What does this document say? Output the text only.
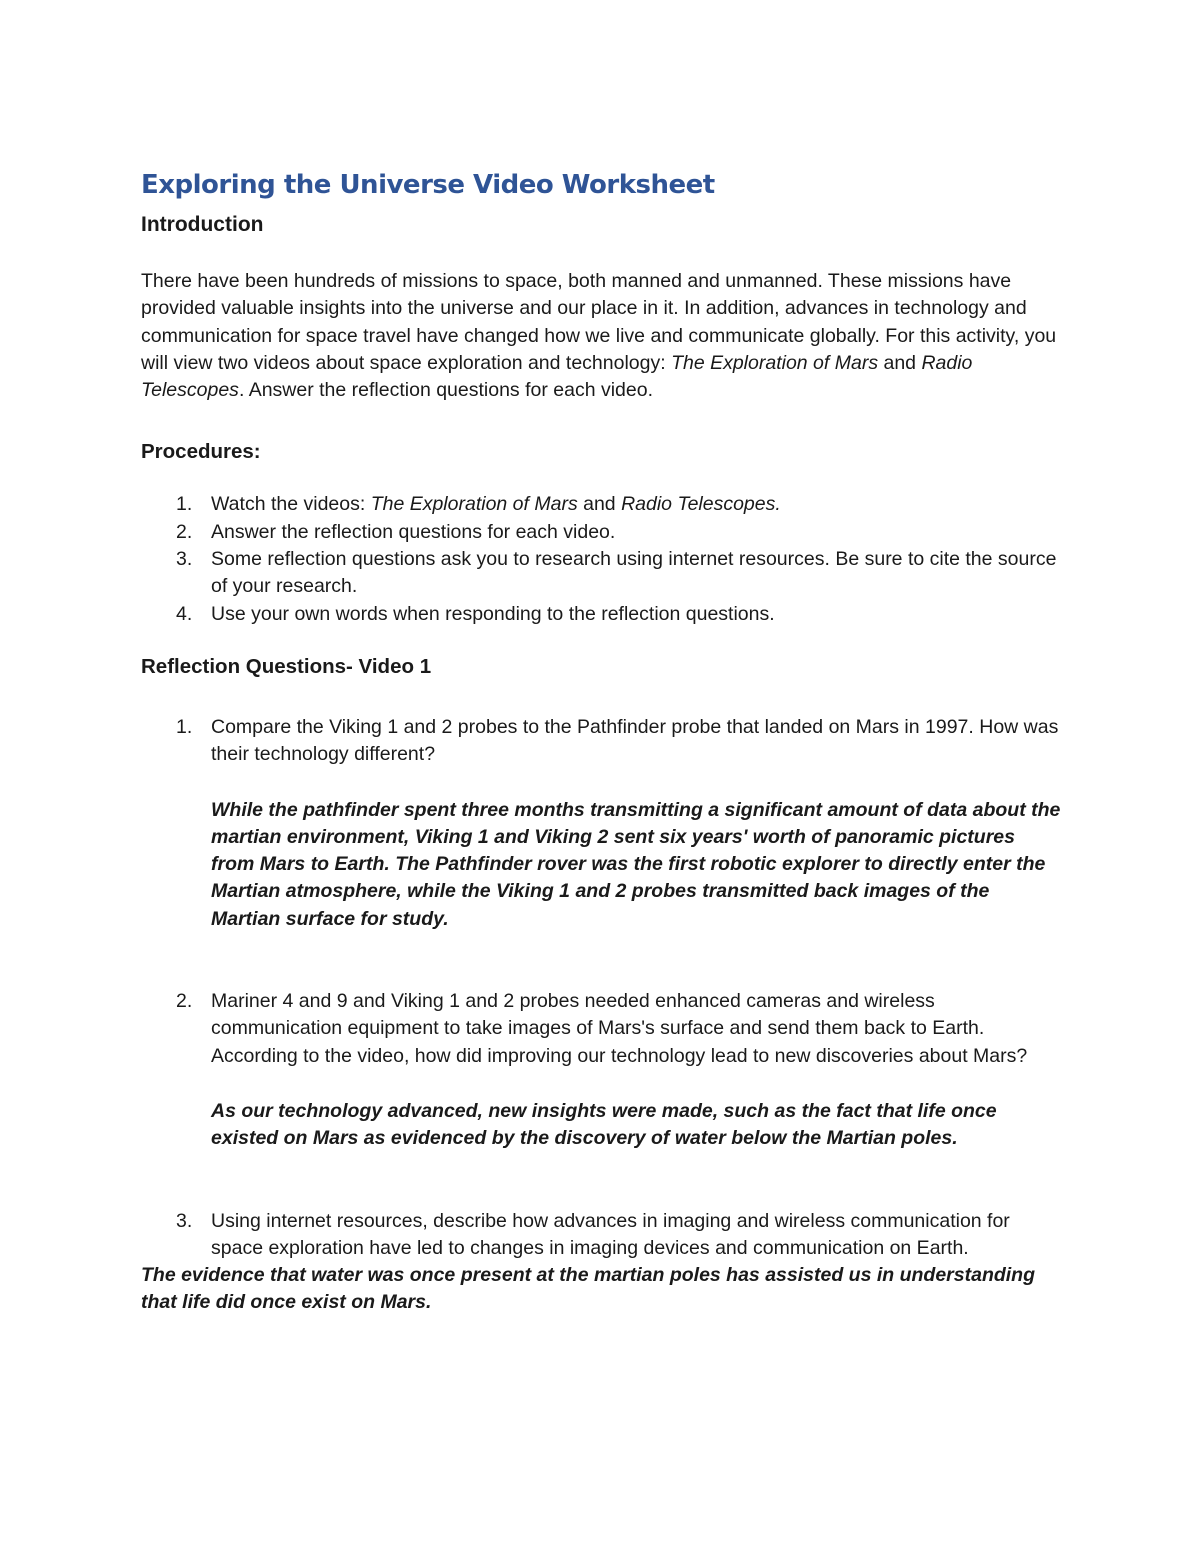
Exploring the Universe Video Worksheet
Introduction

There have been hundreds of missions to space, both manned and unmanned. These missions have provided valuable insights into the universe and our place in it. In addition, advances in technology and communication for space travel have changed how we live and communicate globally. For this activity, you will view two videos about space exploration and technology: The Exploration of Mars and Radio Telescopes. Answer the reflection questions for each video.

Procedures:
1. Watch the videos: The Exploration of Mars and Radio Telescopes.
2. Answer the reflection questions for each video.
3. Some reflection questions ask you to research using internet resources. Be sure to cite the source of your research.
4. Use your own words when responding to the reflection questions.
Reflection Questions- Video 1
1. Compare the Viking 1 and 2 probes to the Pathfinder probe that landed on Mars in 1997. How was their technology different?

While the pathfinder spent three months transmitting a significant amount of data about the martian environment, Viking 1 and Viking 2 sent six years' worth of panoramic pictures from Mars to Earth. The Pathfinder rover was the first robotic explorer to directly enter the Martian atmosphere, while the Viking 1 and 2 probes transmitted back images of the Martian surface for study.

2. Mariner 4 and 9 and Viking 1 and 2 probes needed enhanced cameras and wireless communication equipment to take images of Mars's surface and send them back to Earth. According to the video, how did improving our technology lead to new discoveries about Mars?

As our technology advanced, new insights were made, such as the fact that life once existed on Mars as evidenced by the discovery of water below the Martian poles.

3. Using internet resources, describe how advances in imaging and wireless communication for space exploration have led to changes in imaging devices and communication on Earth.

The evidence that water was once present at the martian poles has assisted us in understanding that life did once exist on Mars.
